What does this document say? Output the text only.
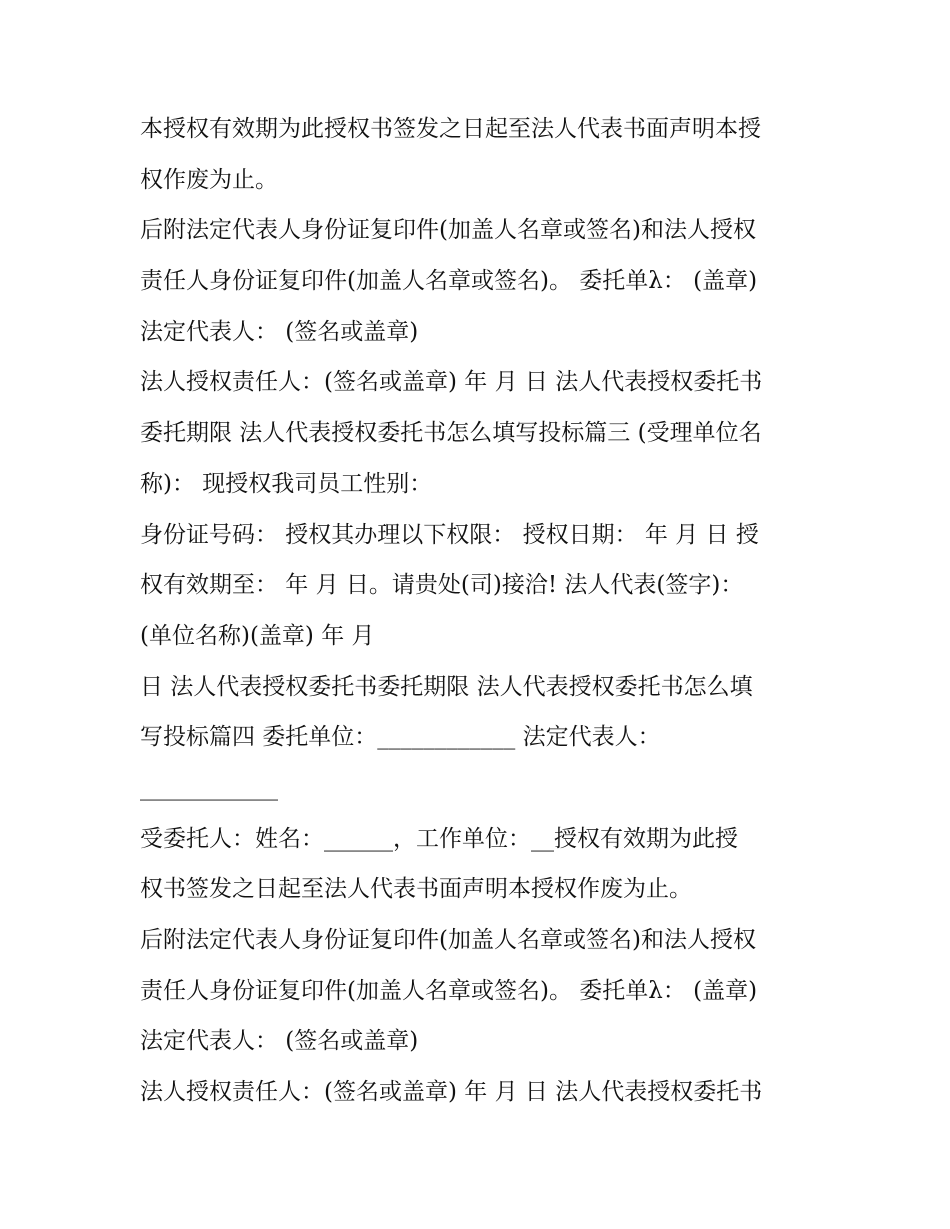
本授权有效期为此授权书签发之日起至法人代表书面声明本授
权作废为止。
后附法定代表人身份证复印件(加盖人名章或签名)和法人授权
责任人身份证复印件(加盖人名章或签名)。 委托单λ： (盖章)
法定代表人： (签名或盖章)
法人授权责任人：(签名或盖章) 年 月 日 法人代表授权委托书
委托期限 法人代表授权委托书怎么填写投标篇三 (受理单位名
称)： 现授权我司员工性别：
身份证号码： 授权其办理以下权限： 授权日期： 年 月 日 授
权有效期至： 年 月 日。请贵处(司)接洽! 法人代表(签字)：
(单位名称)(盖章) 年 月
日 法人代表授权委托书委托期限 法人代表授权委托书怎么填
写投标篇四 委托单位：____________ 法定代表人：
____________
受委托人：姓名：______，工作单位：__授权有效期为此授
权书签发之日起至法人代表书面声明本授权作废为止。
后附法定代表人身份证复印件(加盖人名章或签名)和法人授权
责任人身份证复印件(加盖人名章或签名)。 委托单λ： (盖章)
法定代表人： (签名或盖章)
法人授权责任人：(签名或盖章) 年 月 日 法人代表授权委托书
